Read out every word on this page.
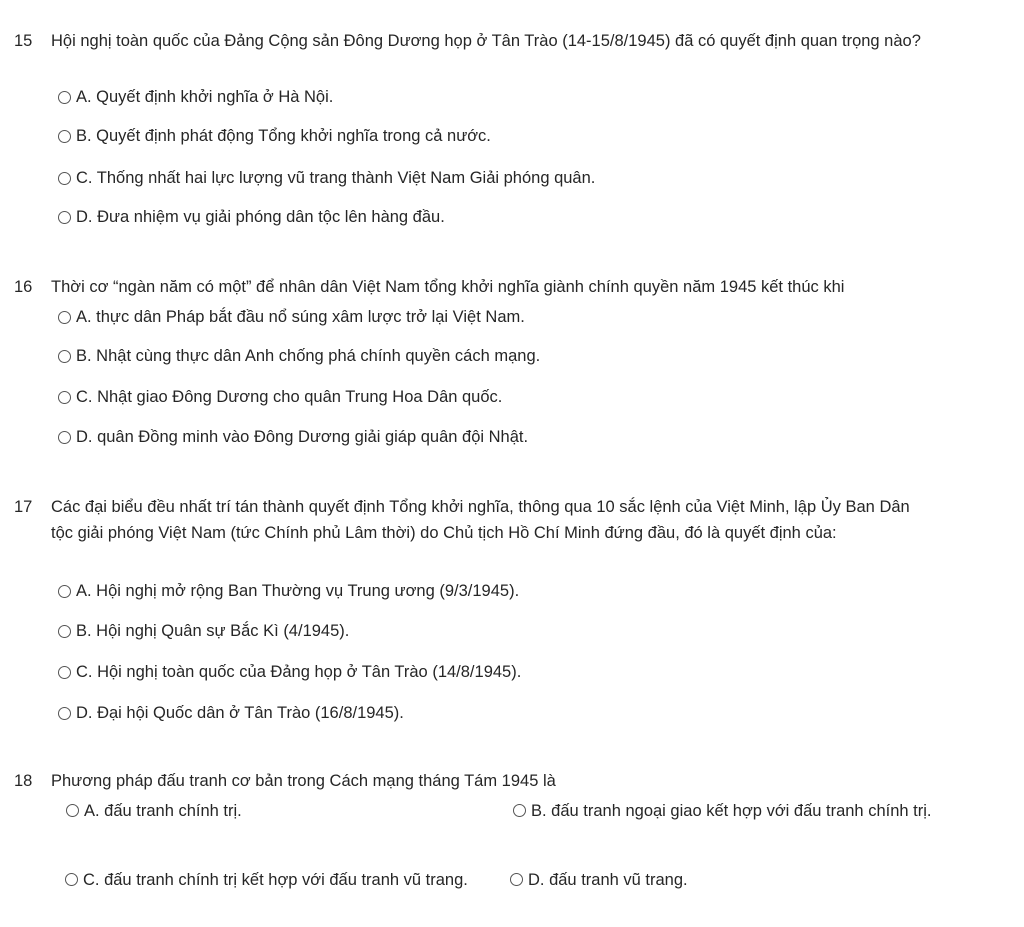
15 Hội nghị toàn quốc của Đảng Cộng sản Đông Dương họp ở Tân Trào (14-15/8/1945) đã có quyết định quan trọng nào?
A. Quyết định khởi nghĩa ở Hà Nội.
B. Quyết định phát động Tổng khởi nghĩa trong cả nước.
C. Thống nhất hai lực lượng vũ trang thành Việt Nam Giải phóng quân.
D. Đưa nhiệm vụ giải phóng dân tộc lên hàng đầu.
16 Thời cơ “ngàn năm có một” để nhân dân Việt Nam tổng khởi nghĩa giành chính quyền năm 1945 kết thúc khi
A. thực dân Pháp bắt đầu nổ súng xâm lược trở lại Việt Nam.
B. Nhật cùng thực dân Anh chống phá chính quyền cách mạng.
C. Nhật giao Đông Dương cho quân Trung Hoa Dân quốc.
D. quân Đồng minh vào Đông Dương giải giáp quân đội Nhật.
17 Các đại biểu đều nhất trí tán thành quyết định Tổng khởi nghĩa, thông qua 10 sắc lệnh của Việt Minh, lập Ủy Ban Dân tộc giải phóng Việt Nam (tức Chính phủ Lâm thời) do Chủ tịch Hồ Chí Minh đứng đầu, đó là quyết định của:
A. Hội nghị mở rộng Ban Thường vụ Trung ương (9/3/1945).
B. Hội nghị Quân sự Bắc Kì (4/1945).
C. Hội nghị toàn quốc của Đảng họp ở Tân Trào (14/8/1945).
D. Đại hội Quốc dân ở Tân Trào (16/8/1945).
18 Phương pháp đấu tranh cơ bản trong Cách mạng tháng Tám 1945 là
A. đấu tranh chính trị.	B. đấu tranh ngoại giao kết hợp với đấu tranh chính trị.
C. đấu tranh chính trị kết hợp với đấu tranh vũ trang.	D. đấu tranh vũ trang.
